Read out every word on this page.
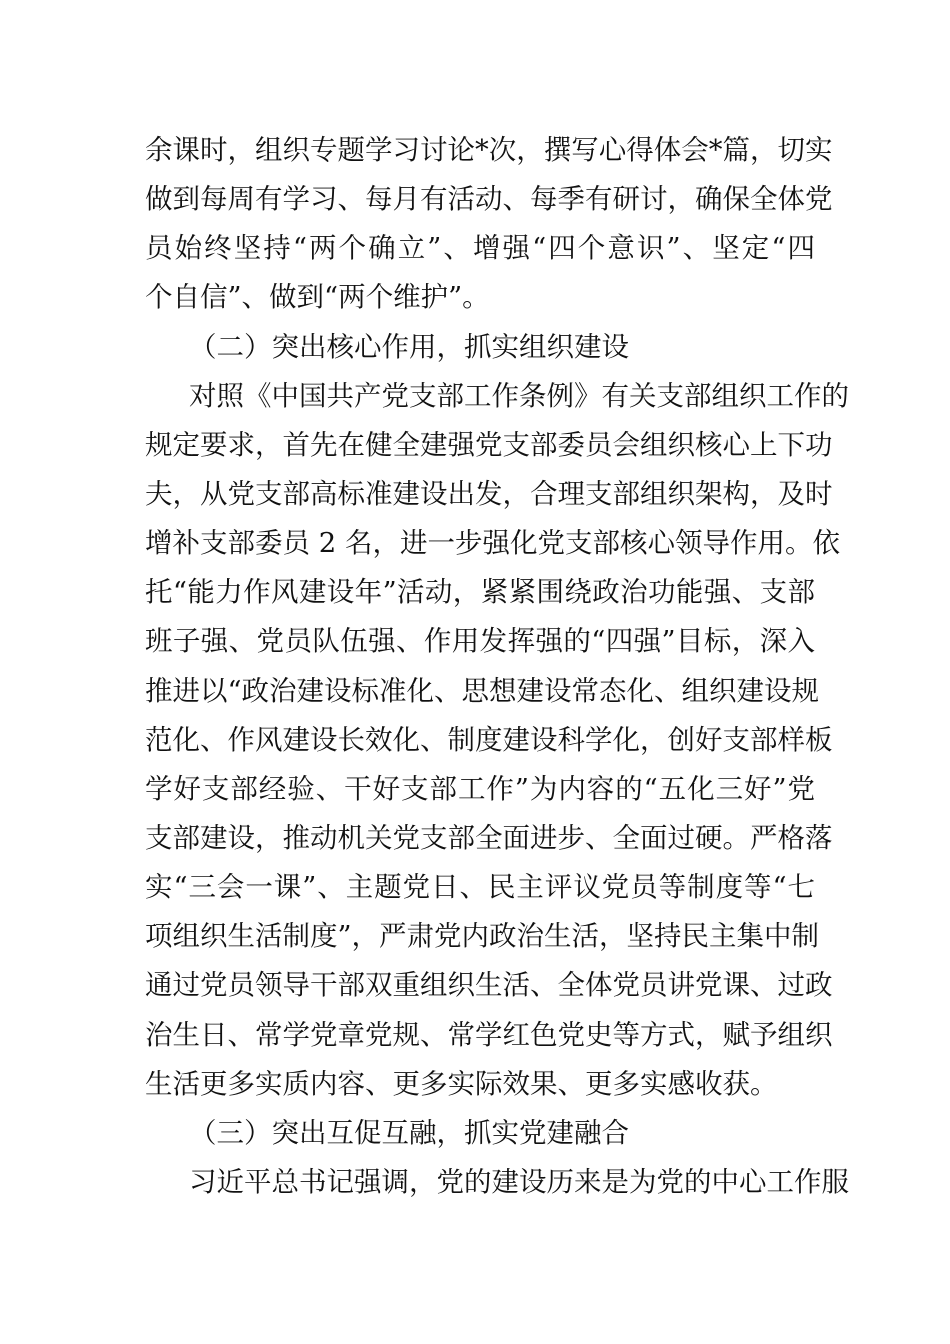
余课时，组织专题学习讨论*次，撰写心得体会*篇，切实
做到每周有学习、每月有活动、每季有研讨，确保全体党
员始终坚持“两个确立”、增强“四个意识”、坚定“四
个自信”、做到“两个维护”。
（二）突出核心作用，抓实组织建设
对照《中国共产党支部工作条例》有关支部组织工作的
规定要求，首先在健全建强党支部委员会组织核心上下功
夫，从党支部高标准建设出发，合理支部组织架构，及时
增补支部委员 2 名，进一步强化党支部核心领导作用。依
托“能力作风建设年”活动，紧紧围绕政治功能强、支部
班子强、党员队伍强、作用发挥强的“四强”目标，深入
推进以“政治建设标准化、思想建设常态化、组织建设规
范化、作风建设长效化、制度建设科学化，创好支部样板
学好支部经验、干好支部工作”为内容的“五化三好”党
支部建设，推动机关党支部全面进步、全面过硬。严格落
实“三会一课”、主题党日、民主评议党员等制度等“七
项组织生活制度”，严肃党内政治生活，坚持民主集中制
通过党员领导干部双重组织生活、全体党员讲党课、过政
治生日、常学党章党规、常学红色党史等方式，赋予组织
生活更多实质内容、更多实际效果、更多实感收获。
（三）突出互促互融，抓实党建融合
习近平总书记强调，党的建设历来是为党的中心工作服
